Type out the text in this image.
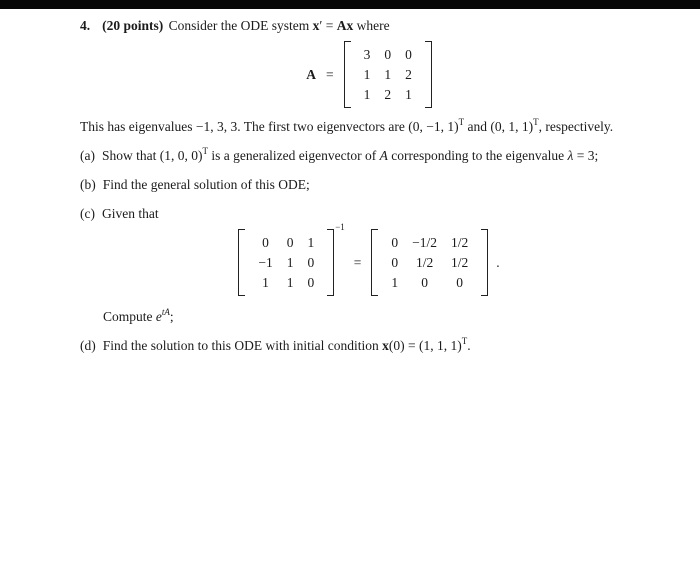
4. (20 points) Consider the ODE system x′ = Ax where
A =
3	0	0
1	1	2
1	2	1
This has eigenvalues −1, 3, 3. The first two eigenvectors are (0, −1, 1)$^T$ and (0, 1, 1)$^T$, respectively.
(a) Show that (1, 0, 0)$^T$ is a generalized eigenvector of A corresponding to the eigenvalue λ = 3;
(b) Find the general solution of this ODE;
(c) Given that
0	0	1
−1	1	0
1	1	0
$^{-1}$
=
0	−1/2	1/2
0	1/2	1/2
1	0	0
.
Compute $e^{tA}$;
(d) Find the solution to this ODE with initial condition x(0) = (1, 1, 1)$^T$.
